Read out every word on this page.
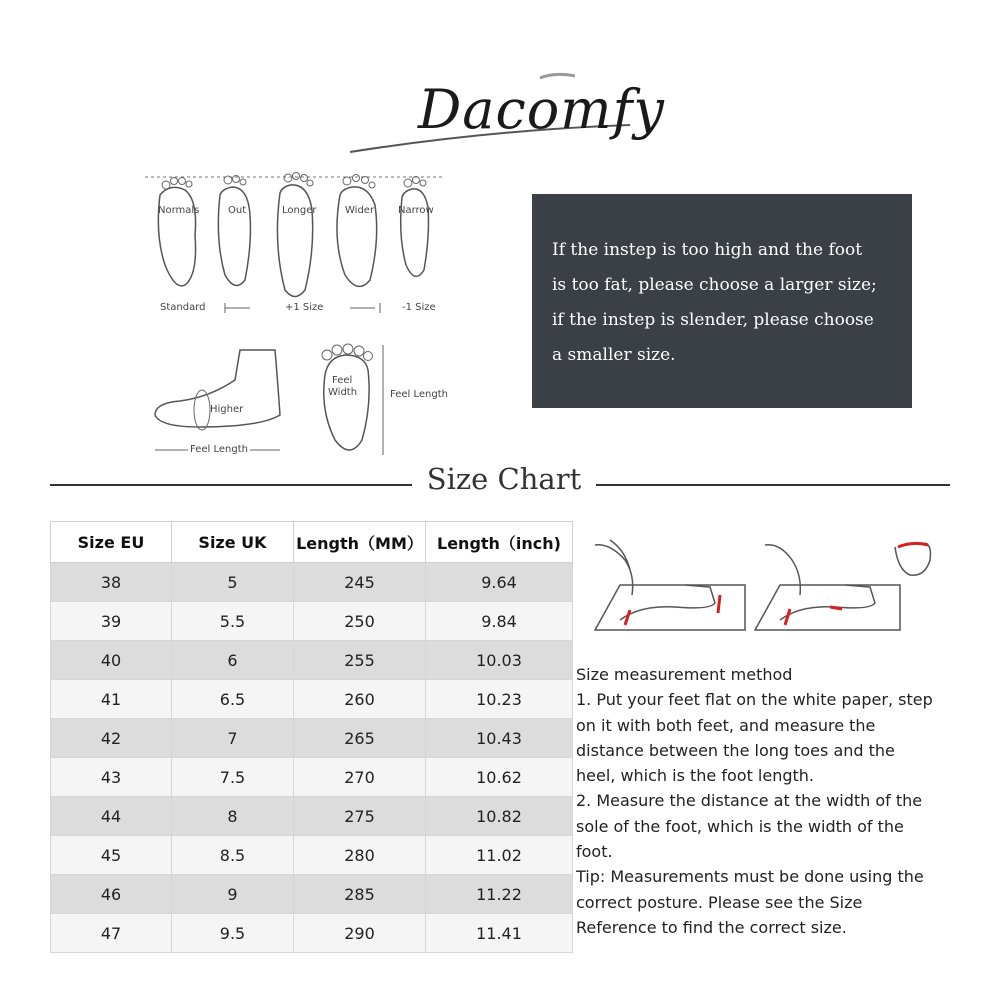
Dacomfy
Normals	Out	Longer	Wider Narrow
Standard	+1 Size	-1 Size
Higher
Feel Length
Feel
Width	Feel Length
If the instep is too high and the foot
is too fat, please choose a larger size;
if the instep is slender, please choose
a smaller size.
Size Chart
Size EU	Size UK	Length（MM）	Length（inch)
38	5	245	9.64
39	5.5	250	9.84
40	6	255	10.03
41	6.5	260	10.23
42	7	265	10.43
43	7.5	270	10.62
44	8	275	10.82
45	8.5	280	11.02
46	9	285	11.22
47	9.5	290	11.41
Size measurement method
1. Put your feet flat on the white paper, step
on it with both feet, and measure the
distance between the long toes and the
heel, which is the foot length.
2. Measure the distance at the width of the
sole of the foot, which is the width of the
foot.
Tip: Measurements must be done using the
correct posture. Please see the Size
Reference to find the correct size.
